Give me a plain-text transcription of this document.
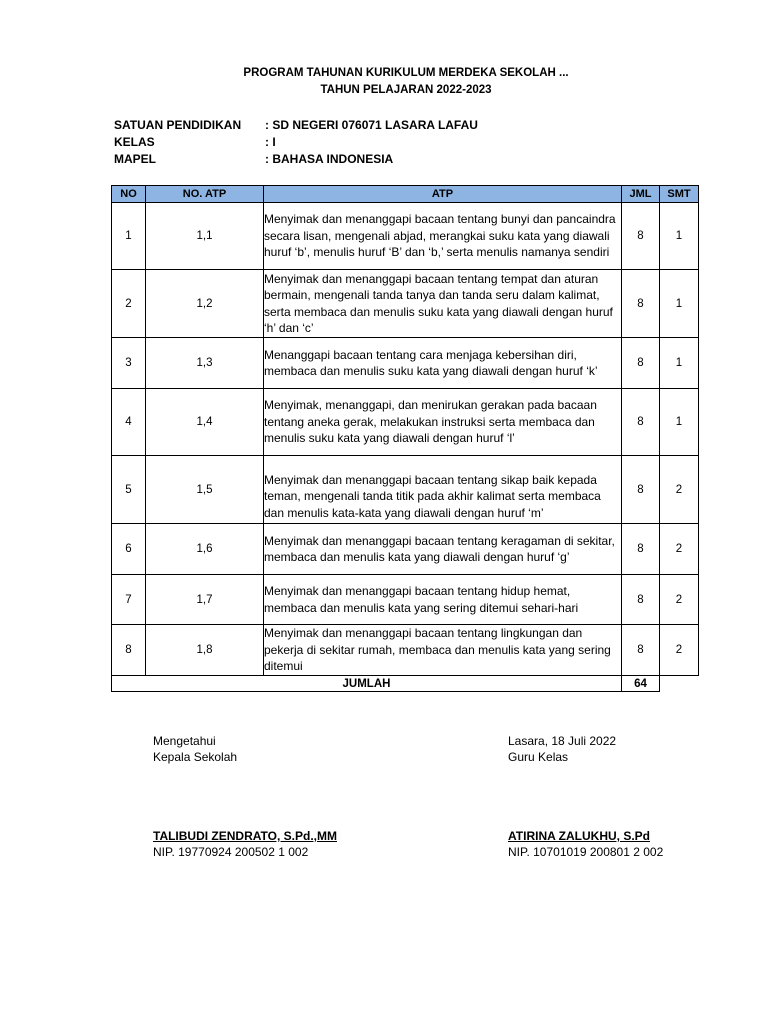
PROGRAM TAHUNAN KURIKULUM MERDEKA SEKOLAH ...
TAHUN PELAJARAN 2022-2023
SATUAN PENDIDIKAN : SD NEGERI 076071 LASARA LAFAU
KELAS	: I
MAPEL	: BAHASA INDONESIA
NO	NO. ATP	ATP	JML	SMT
1	1,1	Menyimak dan menanggapi bacaan tentang bunyi dan pancaindra secara lisan, mengenali abjad, merangkai suku kata yang diawali huruf ‘b’, menulis huruf ‘B’ dan ‘b,’ serta menulis namanya sendiri	8	1
2	1,2	Menyimak dan menanggapi bacaan tentang tempat dan aturan bermain, mengenali tanda tanya dan tanda seru dalam kalimat, serta membaca dan menulis suku kata yang diawali dengan huruf ‘h’ dan ‘c’	8	1
3	1,3	Menanggapi bacaan tentang cara menjaga kebersihan diri, membaca dan menulis suku kata yang diawali dengan huruf ‘k’	8	1
4	1,4	Menyimak, menanggapi, dan menirukan gerakan pada bacaan tentang aneka gerak, melakukan instruksi serta membaca dan menulis suku kata yang diawali dengan huruf ‘l’	8	1
5	1,5	Menyimak dan menanggapi bacaan tentang sikap baik kepada teman, mengenali tanda titik pada akhir kalimat serta membaca dan menulis kata-kata yang diawali dengan huruf ‘m’	8	2
6	1,6	Menyimak dan menanggapi bacaan tentang keragaman di sekitar, membaca dan menulis kata yang diawali dengan huruf ‘g’	8	2
7	1,7	Menyimak dan menanggapi bacaan tentang hidup hemat, membaca dan menulis kata yang sering ditemui sehari-hari	8	2
8	1,8	Menyimak dan menanggapi bacaan tentang lingkungan dan pekerja di sekitar rumah, membaca dan menulis kata yang sering ditemui	8	2
JUMLAH			64	
Mengetahui
Kepala Sekolah
TALIBUDI ZENDRATO, S.Pd.,MM
NIP. 19770924 200502 1 002
Lasara, 18 Juli 2022
Guru Kelas
ATIRINA ZALUKHU, S.Pd
NIP. 10701019 200801 2 002
